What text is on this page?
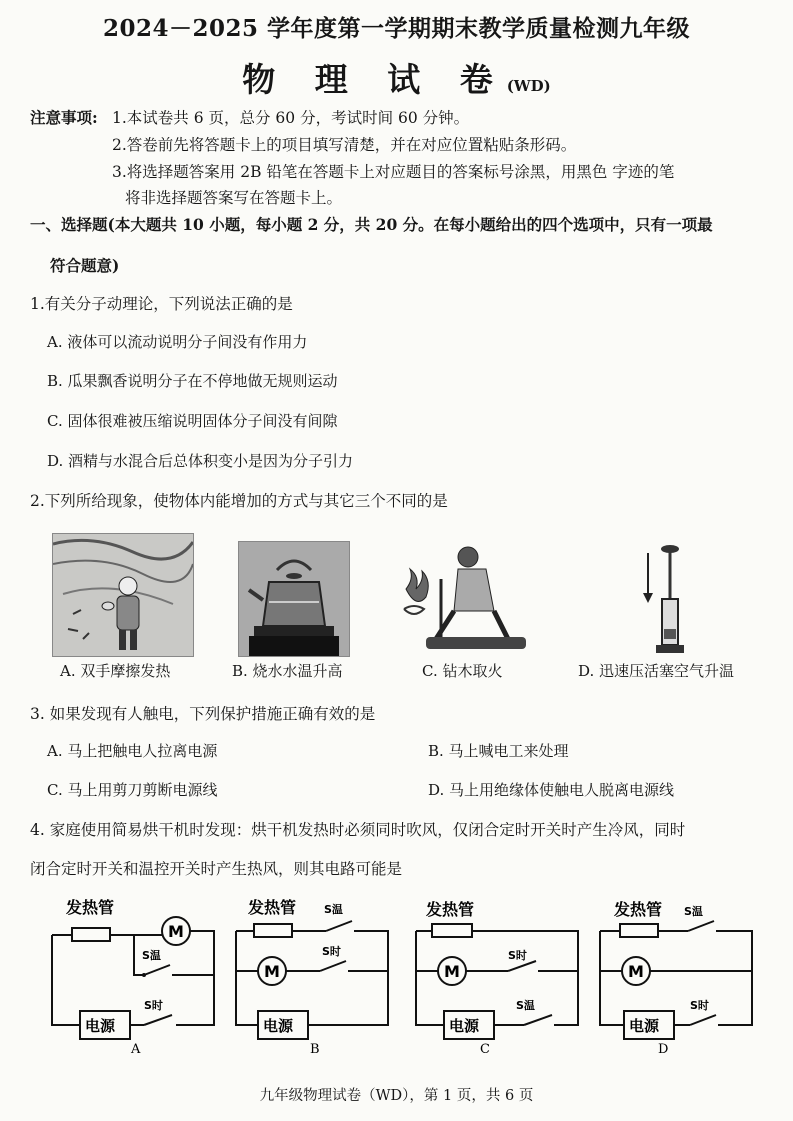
2024－2025 学年度第一学期期末教学质量检测九年级
物 理 试 卷(WD)
注意事项: 1.本试卷共 6 页，总分 60 分，考试时间 60 分钟。
2.答卷前先将答题卡上的项目填写清楚，并在对应位置粘贴条形码。
3.将选择题答案用 2B 铅笔在答题卡上对应题目的答案标号涂黑，用黑色 字迹的笔
将非选择题答案写在答题卡上。
一、选择题(本大题共 10 小题，每小题 2 分，共 20 分。在每小题给出的四个选项中，只有一项最
符合题意)
1.有关分子动理论，下列说法正确的是
A. 液体可以流动说明分子间没有作用力
B. 瓜果飘香说明分子在不停地做无规则运动
C. 固体很难被压缩说明固体分子间没有间隙
D. 酒精与水混合后总体积变小是因为分子引力
2.下列所给现象，使物体内能增加的方式与其它三个不同的是
A. 双手摩擦发热	B. 烧水水温升高	C. 钻木取火	D. 迅速压活塞空气升温
3. 如果发现有人触电，下列保护措施正确有效的是
A. 马上把触电人拉离电源	B. 马上喊电工来处理
C. 马上用剪刀剪断电源线	D. 马上用绝缘体使触电人脱离电源线
4. 家庭使用简易烘干机时发现：烘干机发热时必须同时吹风，仅闭合定时开关时产生冷风，同时
闭合定时开关和温控开关时产生热风，则其电路可能是
发热管
M
S温
电源
S时
A
发热管	S温
M
S时
电源
B
发热管
M
S时
电源
S温
C
发热管 S温
M
电源
S时
D
九年级物理试卷（WD），第 1 页，共 6 页
